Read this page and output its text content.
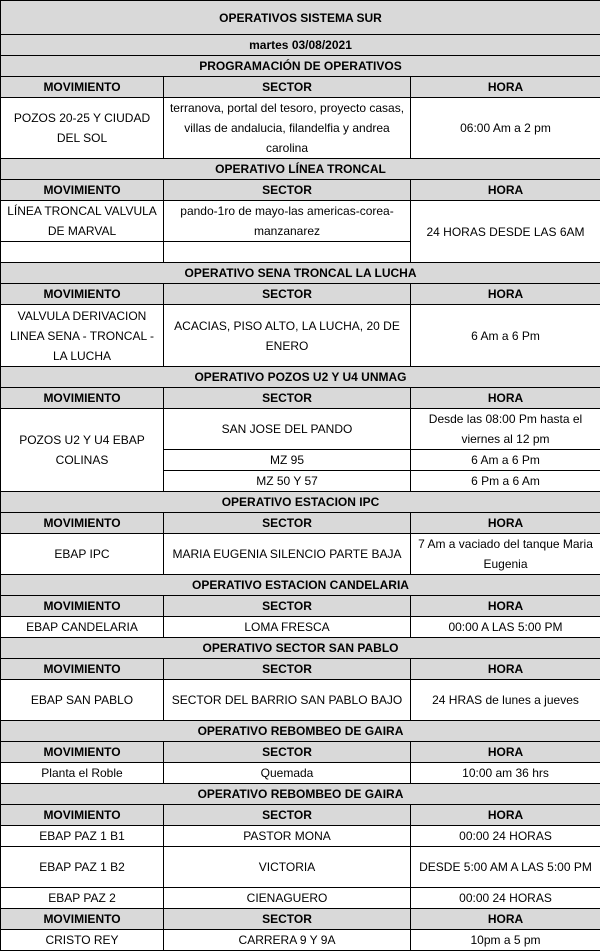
OPERATIVOS SISTEMA SUR		
martes 03/08/2021		
PROGRAMACIÓN DE OPERATIVOS		
MOVIMIENTO	SECTOR	HORA
POZOS 20-25 Y CIUDAD DEL SOL	terranova, portal del tesoro, proyecto casas, villas de andalucia, filandelfia y andrea carolina	06:00 Am a 2 pm
OPERATIVO LÍNEA TRONCAL		
MOVIMIENTO	SECTOR	HORA
LÍNEA TRONCAL VALVULA DE MARVAL	pando-1ro de mayo-las americas-corea-manzanarez	24 HORAS DESDE LAS 6AM

OPERATIVO SENA TRONCAL LA LUCHA		
MOVIMIENTO	SECTOR	HORA
VALVULA DERIVACION LINEA SENA - TRONCAL - LA LUCHA	ACACIAS, PISO ALTO, LA LUCHA, 20 DE ENERO	6 Am a 6 Pm
OPERATIVO POZOS U2 Y U4 UNMAG		
MOVIMIENTO	SECTOR	HORA
POZOS U2 Y U4 EBAP COLINAS	SAN JOSE DEL PANDO	Desde las 08:00 Pm hasta el viernes al 12 pm
	MZ 95	6 Am a 6 Pm
	MZ 50 Y 57	6 Pm a 6 Am
OPERATIVO ESTACION IPC		
MOVIMIENTO	SECTOR	HORA
EBAP IPC	MARIA EUGENIA SILENCIO PARTE BAJA	7 Am a vaciado del tanque Maria Eugenia
OPERATIVO ESTACION CANDELARIA		
MOVIMIENTO	SECTOR	HORA
EBAP CANDELARIA	LOMA FRESCA	00:00 A LAS 5:00 PM
OPERATIVO SECTOR SAN PABLO		
MOVIMIENTO	SECTOR	HORA
EBAP SAN PABLO	SECTOR DEL BARRIO SAN PABLO BAJO	24 HRAS de lunes a jueves
OPERATIVO REBOMBEO DE GAIRA		
MOVIMIENTO	SECTOR	HORA
Planta el Roble	Quemada	10:00 am 36 hrs
OPERATIVO REBOMBEO DE GAIRA		
MOVIMIENTO	SECTOR	HORA
EBAP PAZ 1 B1	PASTOR MONA	00:00 24 HORAS
EBAP PAZ 1 B2	VICTORIA	DESDE 5:00 AM A LAS 5:00 PM
EBAP PAZ 2	CIENAGUERO	00:00 24 HORAS
MOVIMIENTO	SECTOR	HORA
CRISTO REY	CARRERA 9 Y 9A	10pm a 5 pm
